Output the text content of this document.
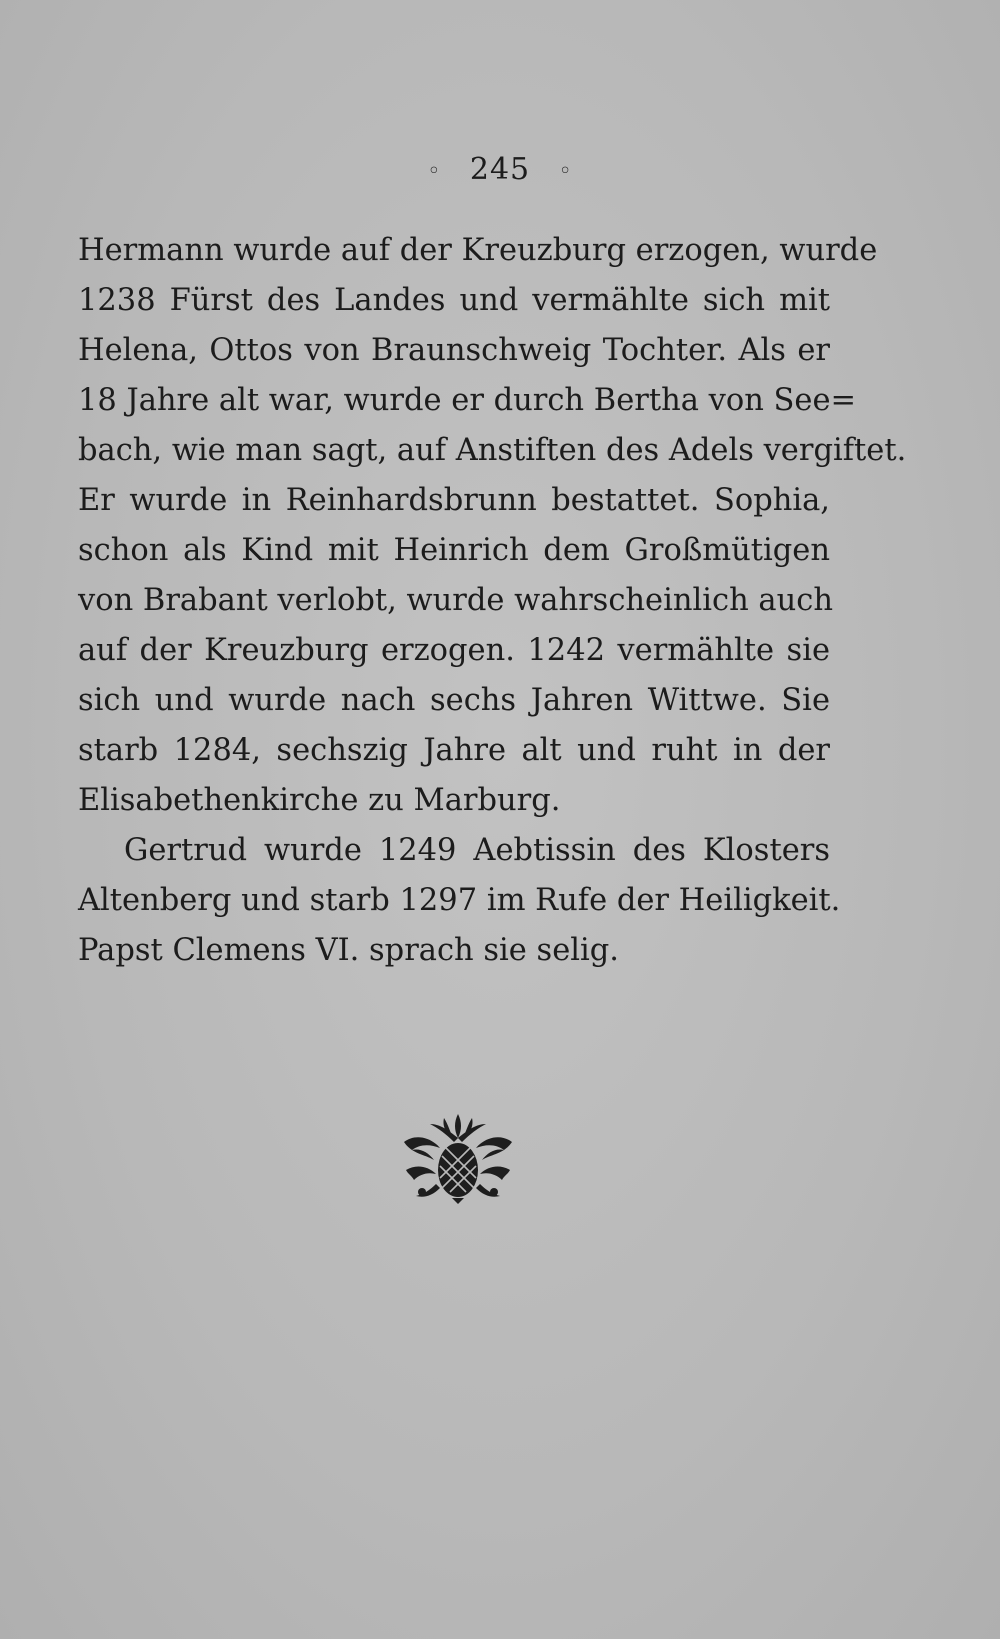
◦ 245 ◦
Hermann wurde auf der Kreuzburg erzogen, wurde
1238 Fürst des Landes und vermählte sich mit
Helena, Ottos von Braunschweig Tochter. Als er
18 Jahre alt war, wurde er durch Bertha von See=
bach, wie man sagt, auf Anstiften des Adels vergiftet.
Er wurde in Reinhardsbrunn bestattet. Sophia,
schon als Kind mit Heinrich dem Großmütigen
von Brabant verlobt, wurde wahrscheinlich auch
auf der Kreuzburg erzogen. 1242 vermählte sie
sich und wurde nach sechs Jahren Wittwe. Sie
starb 1284, sechszig Jahre alt und ruht in der
Elisabethenkirche zu Marburg.
Gertrud wurde 1249 Aebtissin des Klosters
Altenberg und starb 1297 im Rufe der Heiligkeit.
Papst Clemens VI. sprach sie selig.
